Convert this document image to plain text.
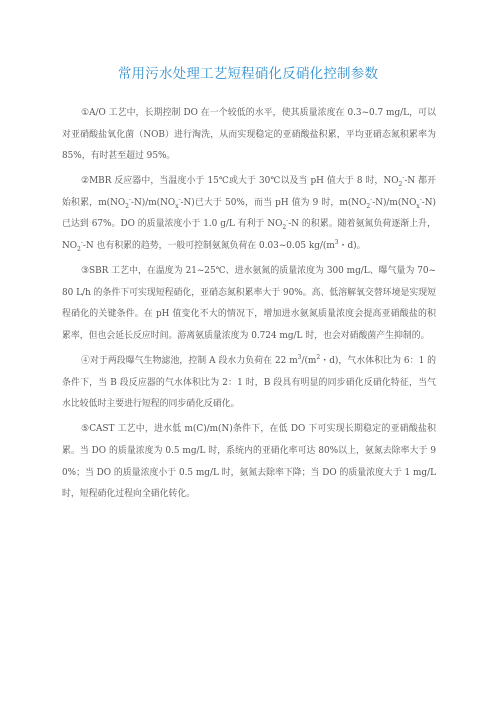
常用污水处理工艺短程硝化反硝化控制参数

①A/O 工艺中，长期控制 DO 在一个较低的水平，使其质量浓度在 0.3~0.7 mg/L，可以对亚硝酸盐氧化菌（NOB）进行淘洗，从而实现稳定的亚硝酸盐积累，平均亚硝态氮积累率为 85%，有时甚至超过 95%。

②MBR 反应器中，当温度小于 15℃或大于 30℃以及当 pH 值大于 8 时，$NO_2^--N$ 都开始积累，$m(NO_2^--N)/m(NO_x^--N)$已大于 50%，而当 pH 值为 9 时，$m(NO_2^--N)/m(NO_x^--N)$已达到 67%。DO 的质量浓度小于 1.0 g/L 有利于 $NO_2^--N$ 的积累。随着氨氮负荷逐渐上升，$NO_2^--N$ 也有积累的趋势，一般可控制氨氮负荷在 0.03~0.05 $kg/(m^3$・d)。

③SBR 工艺中，在温度为 21~25℃、进水氨氮的质量浓度为 300 mg/L、曝气量为 70~80 L/h 的条件下可实现短程硝化，亚硝态氮积累率大于 90%。高、低溶解氧交替环境是实现短程硝化的关键条件。在 pH 值变化不大的情况下，增加进水氨氮质量浓度会提高亚硝酸盐的积累率，但也会延长反应时间。游离氨质量浓度为 0.724 mg/L 时，也会对硝酸菌产生抑制的。

④对于两段曝气生物滤池，控制 A 段水力负荷在 22 $m^3/(m^2$・d)，气水体积比为 6：1 的条件下，当 B 段反应器的气水体积比为 2：1 时，B 段具有明显的同步硝化反硝化特征，当气水比较低时主要进行短程的同步硝化反硝化。

⑤CAST 工艺中，进水低 m(C)/m(N)条件下，在低 DO 下可实现长期稳定的亚硝酸盐积累。当 DO 的质量浓度为 0.5 mg/L 时，系统内的亚硝化率可达 80%以上，氨氮去除率大于 90%；当 DO 的质量浓度小于 0.5 mg/L 时，氨氮去除率下降；当 DO 的质量浓度大于 1 mg/L 时，短程硝化过程向全硝化转化。
